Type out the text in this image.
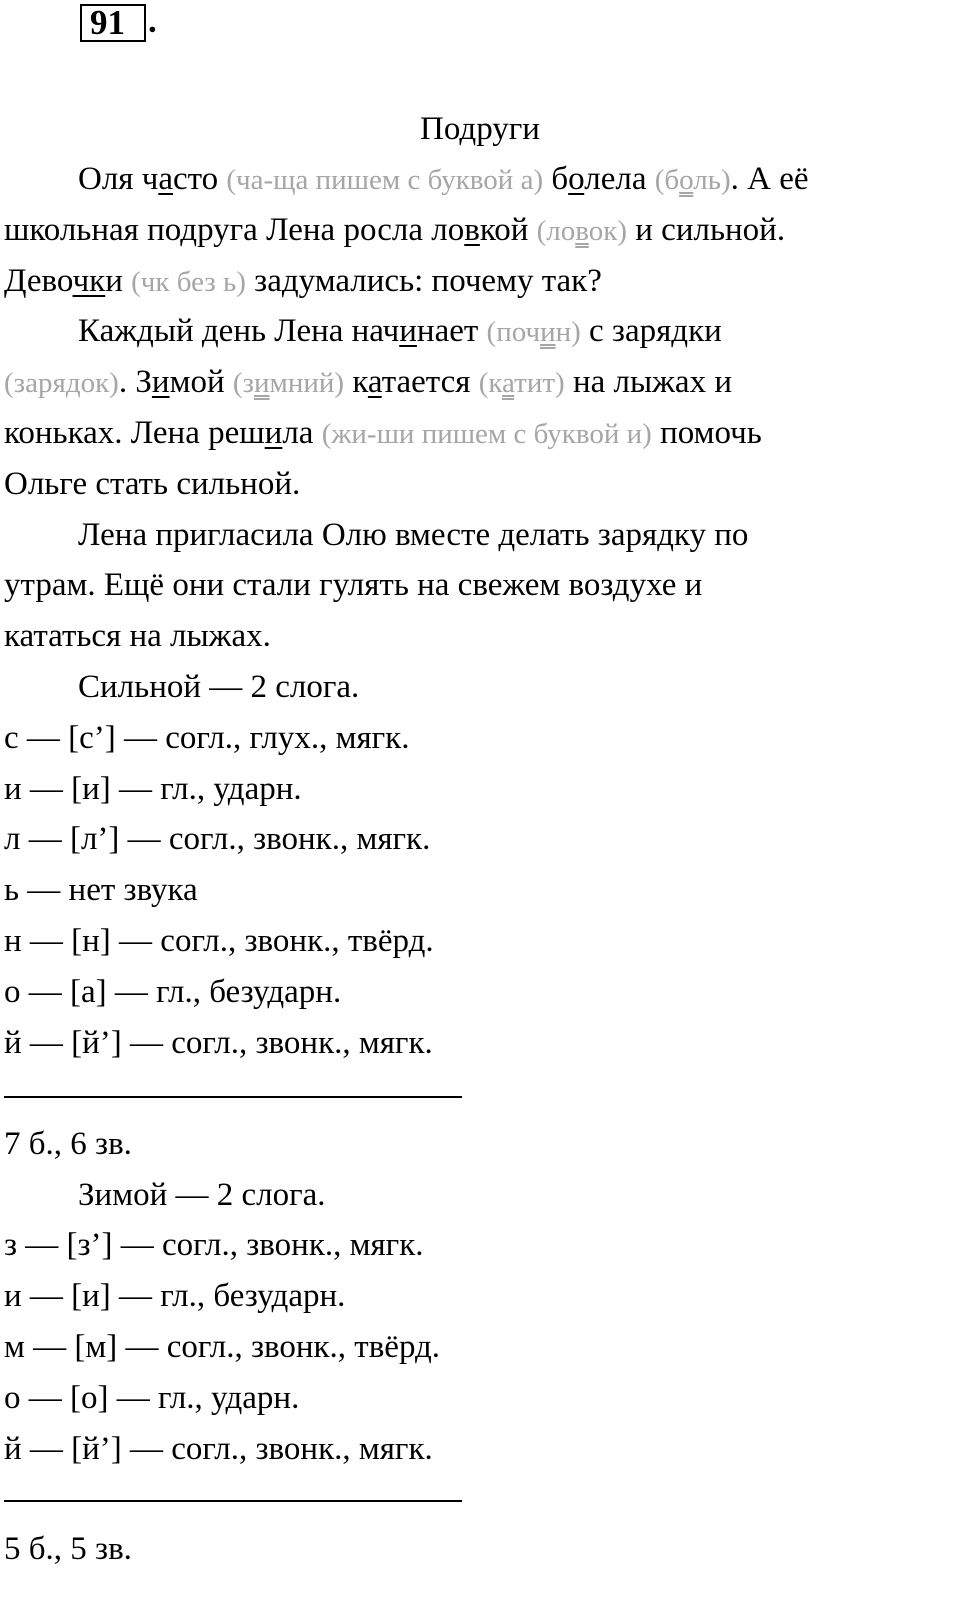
91 .
Подруги
Оля часто (ча-ща пишем с буквой а) болела (боль). А её
школьная подруга Лена росла ловкой (ловок) и сильной.
Девочки (чк без ь) задумались: почему так?
Каждый день Лена начинает (почин) с зарядки
(зарядок). Зимой (зимний) катается (катит) на лыжах и
коньках. Лена решила (жи-ши пишем с буквой и) помочь
Ольге стать сильной.
Лена пригласила Олю вместе делать зарядку по
утрам. Ещё они стали гулять на свежем воздухе и
кататься на лыжах.
Сильной — 2 слога.
с — [с’] — согл., глух., мягк.
и — [и] — гл., ударн.
л — [л’] — согл., звонк., мягк.
ь — нет звука
н — [н] — согл., звонк., твёрд.
о — [а] — гл., безударн.
й — [й’] — согл., звонк., мягк.
7 б., 6 зв.
Зимой — 2 слога.
з — [з’] — согл., звонк., мягк.
и — [и] — гл., безударн.
м — [м] — согл., звонк., твёрд.
о — [о] — гл., ударн.
й — [й’] — согл., звонк., мягк.
5 б., 5 зв.
